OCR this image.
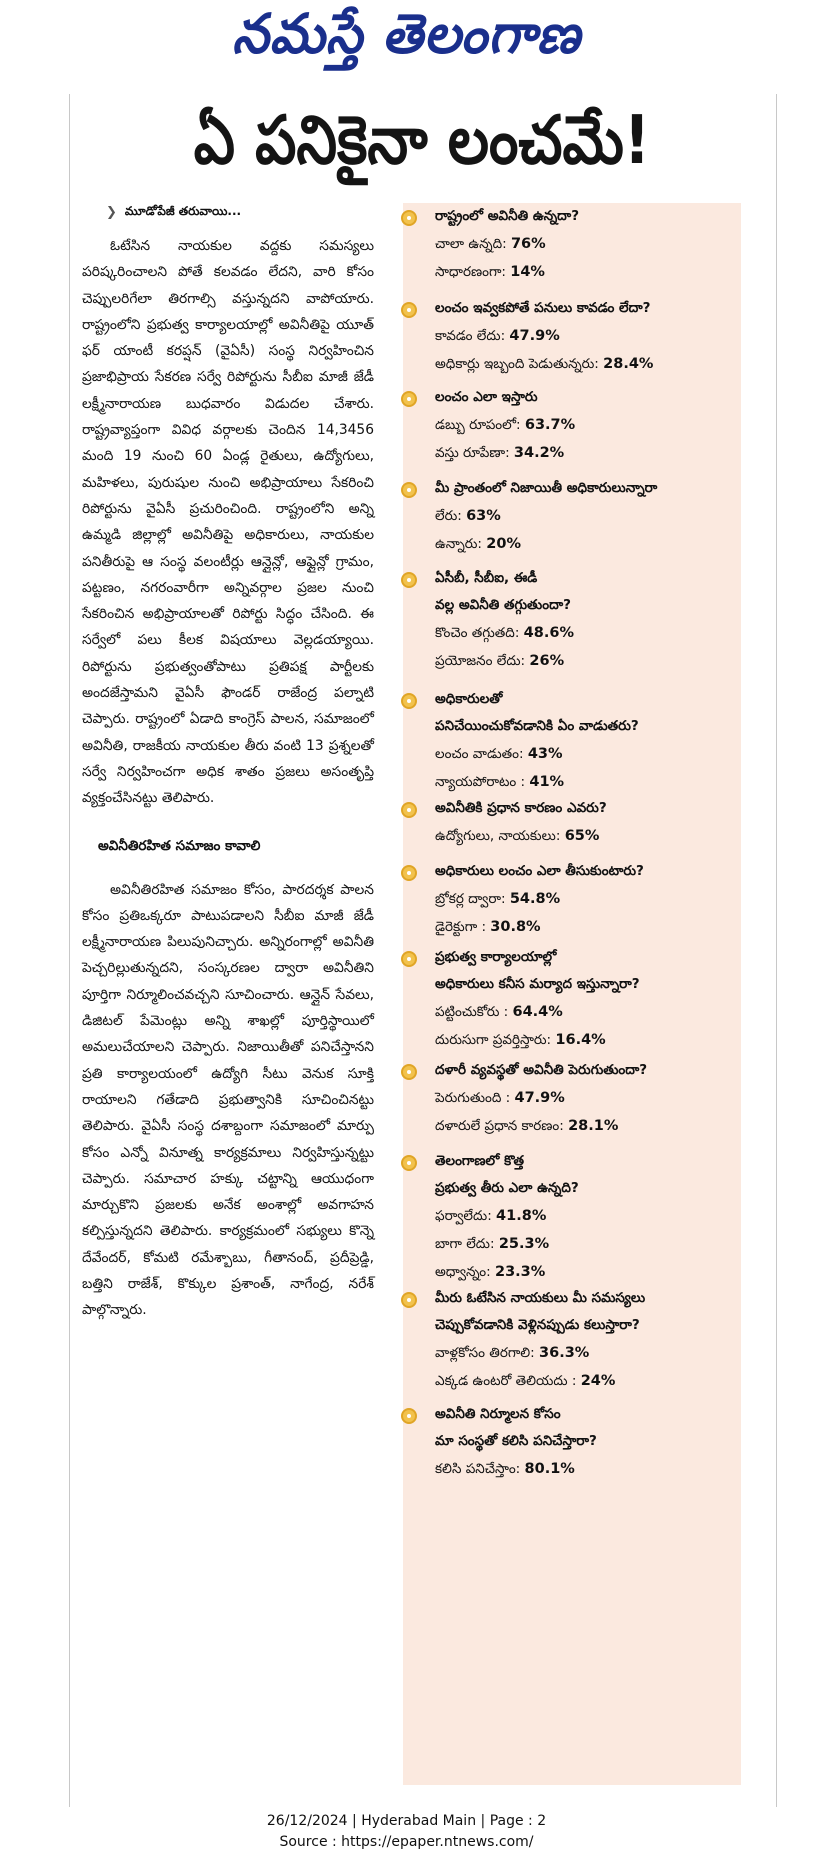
నమస్తే తెలంగాణ
ఏ పనికైనా లంచమే!
❯ మూడోపేజీ తరువాయి...

ఓటేసిన నాయకుల వద్దకు సమస్యలు పరిష్కరించాలని పోతే కలవడం లేదని, వారి కోసం చెప్పులరిగేలా తిరగాల్సి వస్తున్నదని వాపోయారు. రాష్ట్రంలోని ప్రభుత్వ కార్యాలయాల్లో అవినీతిపై యూత్ ఫర్ యాంటీ కరప్షన్ (వైఏసీ) సంస్థ నిర్వహించిన ప్రజాభిప్రాయ సేకరణ సర్వే రిపోర్టును సీబీఐ మాజీ జేడీ లక్ష్మీనారాయణ బుధవారం విడుదల చేశారు. రాష్ట్రవ్యాప్తంగా వివిధ వర్గాలకు చెందిన 14,3456 మంది 19 నుంచి 60 ఏండ్ల రైతులు, ఉద్యోగులు, మహిళలు, పురుషుల నుంచి అభిప్రాయాలు సేకరించి రిపోర్టును వైఏసీ ప్రచురించింది. రాష్ట్రంలోని అన్ని ఉమ్మడి జిల్లాల్లో అవినీతిపై అధికారులు, నాయకుల పనితీరుపై ఆ సంస్థ వలంటీర్లు ఆన్లైన్లో, ఆఫ్లైన్లో గ్రామం, పట్టణం, నగరంవారీగా అన్నివర్గాల ప్రజల నుంచి సేకరించిన అభిప్రాయాలతో రిపోర్టు సిద్ధం చేసింది. ఈ సర్వేలో పలు కీలక విషయాలు వెల్లడయ్యాయి. రిపోర్టును ప్రభుత్వంతోపాటు ప్రతిపక్ష పార్టీలకు అందజేస్తామని వైఏసీ ఫౌండర్ రాజేంద్ర పల్నాటి చెప్పారు. రాష్ట్రంలో ఏడాది కాంగ్రెస్ పాలన, సమాజంలో అవినీతి, రాజకీయ నాయకుల తీరు వంటి 13 ప్రశ్నలతో సర్వే నిర్వహించగా అధిక శాతం ప్రజలు అసంతృప్తి వ్యక్తంచేసినట్టు తెలిపారు.

అవినీతిరహిత సమాజం కావాలి

అవినీతిరహిత సమాజం కోసం, పారదర్శక పాలన కోసం ప్రతిఒక్కరూ పాటుపడాలని సీబీఐ మాజీ జేడీ లక్ష్మీనారాయణ పిలుపునిచ్చారు. అన్నిరంగాల్లో అవినీతి పెచ్చరిల్లుతున్నదని, సంస్కరణల ద్వారా అవినీతిని పూర్తిగా నిర్మూలించవచ్చని సూచించారు. ఆన్లైన్ సేవలు, డిజిటల్ పేమెంట్లు అన్ని శాఖల్లో పూర్తిస్థాయిలో అమలుచేయాలని చెప్పారు. నిజాయితీతో పనిచేస్తానని ప్రతి కార్యాలయంలో ఉద్యోగి సీటు వెనుక సూక్తి రాయాలని గతేడాది ప్రభుత్వానికి సూచించినట్టు తెలిపారు. వైఏసీ సంస్థ దశాబ్దంగా సమాజంలో మార్పు కోసం ఎన్నో వినూత్న కార్యక్రమాలు నిర్వహిస్తున్నట్టు చెప్పారు. సమాచార హక్కు చట్టాన్ని ఆయుధంగా మార్చుకొని ప్రజలకు అనేక అంశాల్లో అవగాహన కల్పిస్తున్నదని తెలిపారు. కార్యక్రమంలో సభ్యులు కొన్నె దేవేందర్, కోమటి రమేశ్బాబు, గీతానంద్, ప్రదీప్రెడ్డి, బత్తిని రాజేశ్, కొక్కుల ప్రశాంత్, నాగేంద్ర, నరేశ్ పాల్గొన్నారు.

రాష్ట్రంలో అవినీతి ఉన్నదా?
చాలా ఉన్నది: 76%
సాధారణంగా: 14%
లంచం ఇవ్వకపోతే పనులు కావడం లేదా?
కావడం లేదు: 47.9%
అధికార్లు ఇబ్బంది పెడుతున్నరు: 28.4%
లంచం ఎలా ఇస్తారు
డబ్బు రూపంలో: 63.7%
వస్తు రూపేణా: 34.2%
మీ ప్రాంతంలో నిజాయితీ అధికారులున్నారా
లేరు: 63%
ఉన్నారు: 20%
ఏసీబీ, సీబీఐ, ఈడీ
వల్ల అవినీతి తగ్గుతుందా?
కొంచెం తగ్గుతది: 48.6%
ప్రయోజనం లేదు: 26%
అధికారులతో
పనిచేయించుకోవడానికి ఏం వాడుతరు?
లంచం వాడుతం: 43%
న్యాయపోరాటం : 41%
అవినీతికి ప్రధాన కారణం ఎవరు?
ఉద్యోగులు, నాయకులు: 65%
అధికారులు లంచం ఎలా తీసుకుంటారు?
బ్రోకర్ల ద్వారా: 54.8%
డైరెక్టుగా : 30.8%
ప్రభుత్వ కార్యాలయాల్లో
అధికారులు కనీస మర్యాద ఇస్తున్నారా?
పట్టించుకోరు : 64.4%
దురుసుగా ప్రవర్తిస్తారు: 16.4%
దళారీ వ్యవస్థతో అవినీతి పెరుగుతుందా?
పెరుగుతుంది : 47.9%
దళారులే ప్రధాన కారణం: 28.1%
తెలంగాణలో కొత్త
ప్రభుత్వ తీరు ఎలా ఉన్నది?
ఫర్వాలేదు: 41.8%
బాగా లేదు: 25.3%
అధ్వాన్నం: 23.3%
మీరు ఓటేసిన నాయకులు మీ సమస్యలు
చెప్పుకోవడానికి వెళ్లినప్పుడు కలుస్తారా?
వాళ్లకోసం తిరగాలి: 36.3%
ఎక్కడ ఉంటరో తెలియదు : 24%
అవినీతి నిర్మూలన కోసం
మా సంస్థతో కలిసి పనిచేస్తారా?
కలిసి పనిచేస్తాం: 80.1%
26/12/2024 | Hyderabad Main | Page : 2
Source : https://epaper.ntnews.com/
